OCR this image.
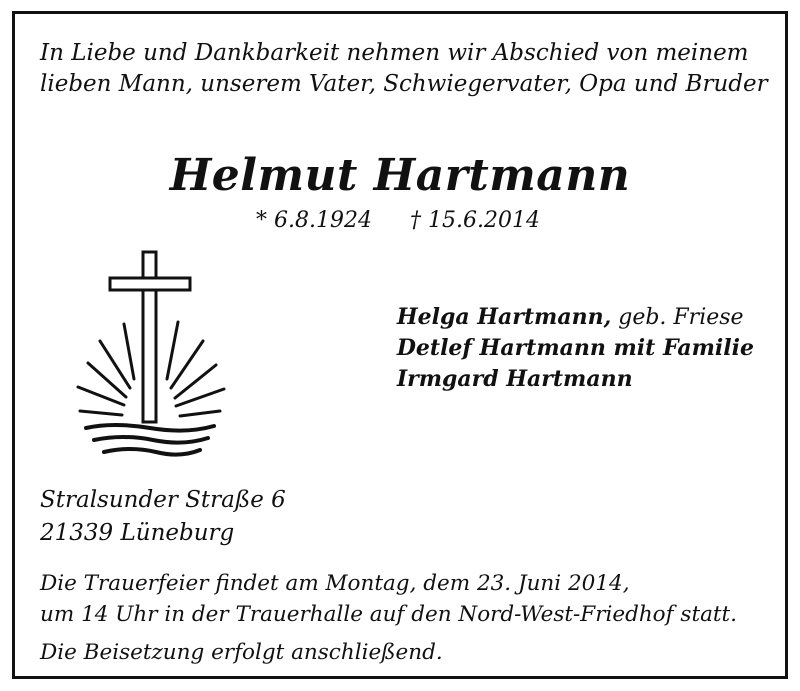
In Liebe und Dankbarkeit nehmen wir Abschied von meinem
lieben Mann, unserem Vater, Schwiegervater, Opa und Bruder
Helmut Hartmann
* 6.8.1924 † 15.6.2014
Helga Hartmann, geb. Friese
Detlef Hartmann mit Familie
Irmgard Hartmann
Stralsunder Straße 6
21339 Lüneburg
Die Trauerfeier findet am Montag, dem 23. Juni 2014,
um 14 Uhr in der Trauerhalle auf den Nord-West-Friedhof statt.
Die Beisetzung erfolgt anschließend.
